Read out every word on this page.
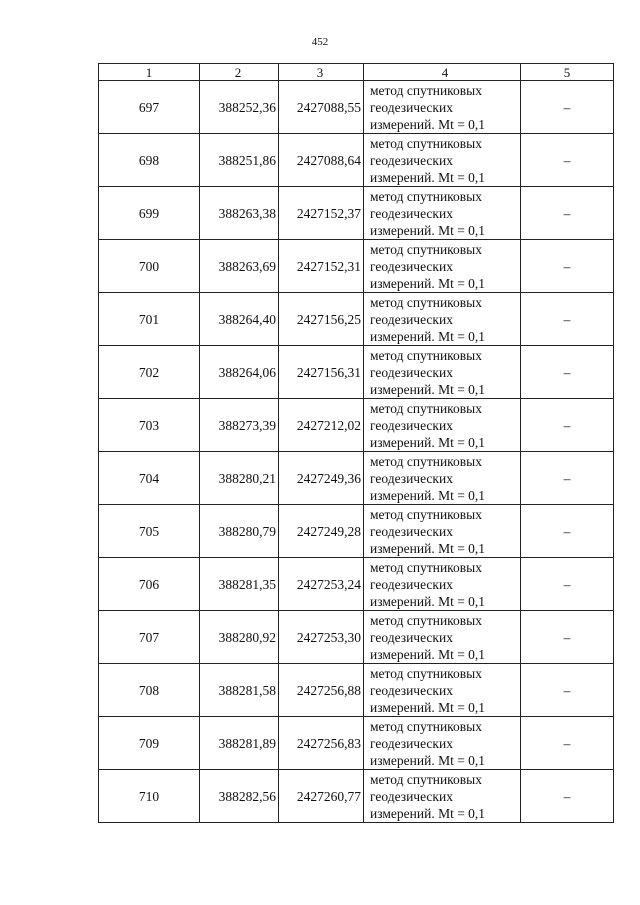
452
1	2	3	4	5
697	388252,36	2427088,55	метод спутниковых
геодезических
измерений. Mt = 0,1	–
698	388251,86	2427088,64	метод спутниковых
геодезических
измерений. Mt = 0,1	–
699	388263,38	2427152,37	метод спутниковых
геодезических
измерений. Mt = 0,1	–
700	388263,69	2427152,31	метод спутниковых
геодезических
измерений. Mt = 0,1	–
701	388264,40	2427156,25	метод спутниковых
геодезических
измерений. Mt = 0,1	–
702	388264,06	2427156,31	метод спутниковых
геодезических
измерений. Mt = 0,1	–
703	388273,39	2427212,02	метод спутниковых
геодезических
измерений. Mt = 0,1	–
704	388280,21	2427249,36	метод спутниковых
геодезических
измерений. Mt = 0,1	–
705	388280,79	2427249,28	метод спутниковых
геодезических
измерений. Mt = 0,1	–
706	388281,35	2427253,24	метод спутниковых
геодезических
измерений. Mt = 0,1	–
707	388280,92	2427253,30	метод спутниковых
геодезических
измерений. Mt = 0,1	–
708	388281,58	2427256,88	метод спутниковых
геодезических
измерений. Mt = 0,1	–
709	388281,89	2427256,83	метод спутниковых
геодезических
измерений. Mt = 0,1	–
710	388282,56	2427260,77	метод спутниковых
геодезических
измерений. Mt = 0,1	–
